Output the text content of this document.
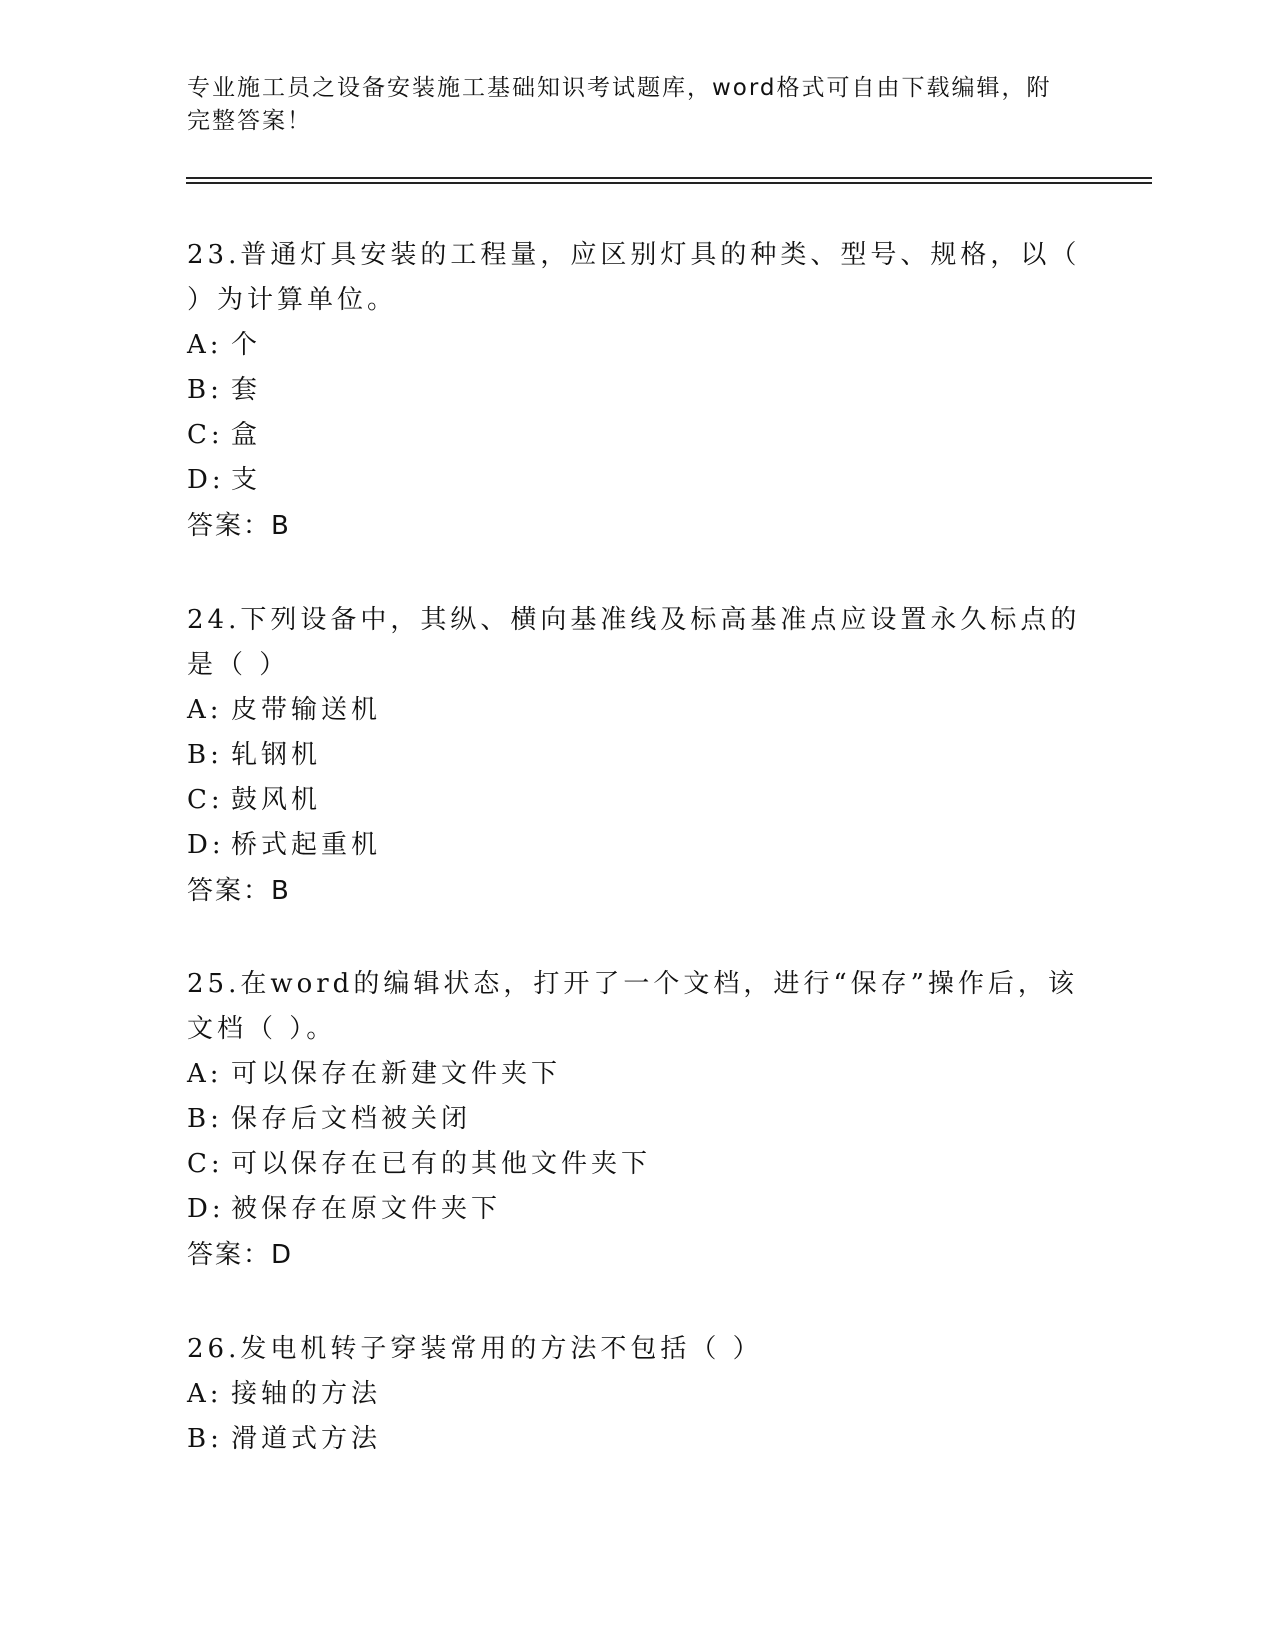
专业施工员之设备安装施工基础知识考试题库，word格式可自由下载编辑，附完整答案！
23.普通灯具安装的工程量，应区别灯具的种类、型号、规格，以（ ）为计算单位。
A: 个
B: 套
C: 盒
D: 支
答案：B
24.下列设备中，其纵、横向基准线及标高基准点应设置永久标点的是（ ）
A: 皮带输送机
B: 轧钢机
C: 鼓风机
D: 桥式起重机
答案：B
25.在word的编辑状态，打开了一个文档，进行“保存”操作后，该文档（ ）。
A: 可以保存在新建文件夹下
B: 保存后文档被关闭
C: 可以保存在已有的其他文件夹下
D: 被保存在原文件夹下
答案：D
26.发电机转子穿装常用的方法不包括（ ）
A: 接轴的方法
B: 滑道式方法
